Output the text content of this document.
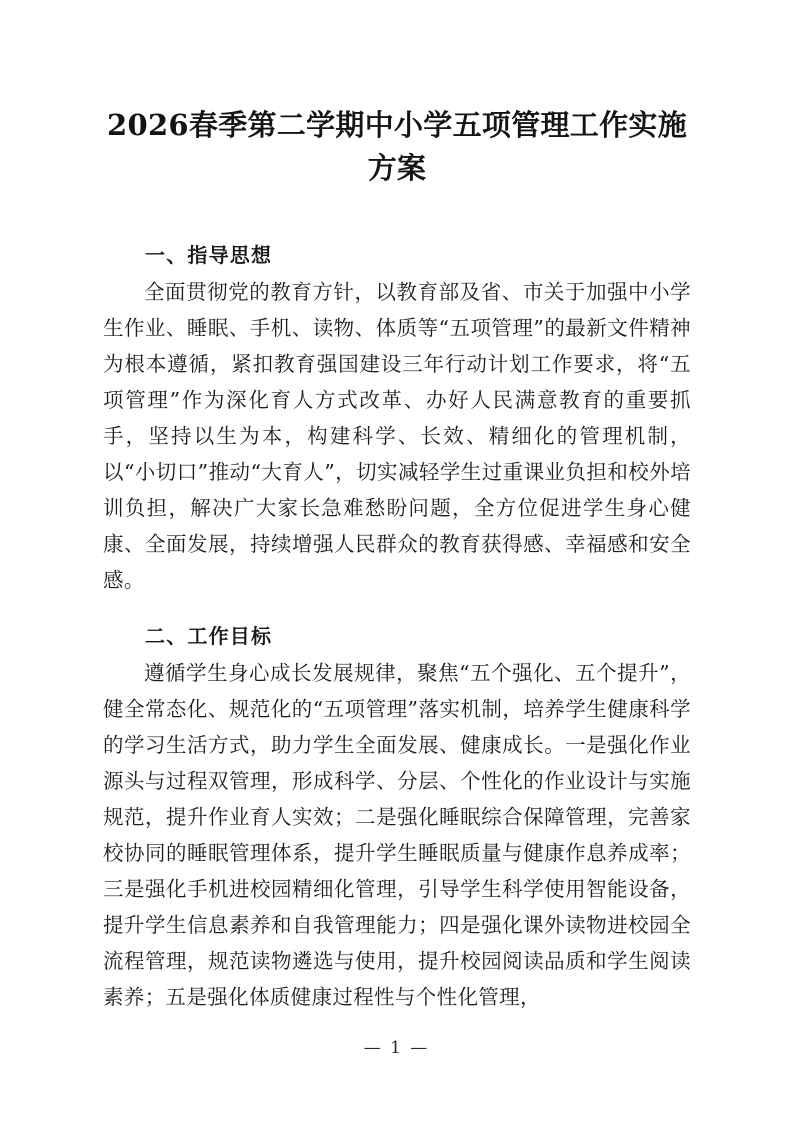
2026春季第二学期中小学五项管理工作实施方案
一、指导思想

全面贯彻党的教育方针，以教育部及省、市关于加强中小学生作业、睡眠、手机、读物、体质等“五项管理”的最新文件精神为根本遵循，紧扣教育强国建设三年行动计划工作要求，将“五项管理”作为深化育人方式改革、办好人民满意教育的重要抓手，坚持以生为本，构建科学、长效、精细化的管理机制，以“小切口”推动“大育人”，切实减轻学生过重课业负担和校外培训负担，解决广大家长急难愁盼问题，全方位促进学生身心健康、全面发展，持续增强人民群众的教育获得感、幸福感和安全感。

二、工作目标

遵循学生身心成长发展规律，聚焦“五个强化、五个提升”，健全常态化、规范化的“五项管理”落实机制，培养学生健康科学的学习生活方式，助力学生全面发展、健康成长。一是强化作业源头与过程双管理，形成科学、分层、个性化的作业设计与实施规范，提升作业育人实效；二是强化睡眠综合保障管理，完善家校协同的睡眠管理体系，提升学生睡眠质量与健康作息养成率；三是强化手机进校园精细化管理，引导学生科学使用智能设备，提升学生信息素养和自我管理能力；四是强化课外读物进校园全流程管理，规范读物遴选与使用，提升校园阅读品质和学生阅读素养；五是强化体质健康过程性与个性化管理，

— 1 —
